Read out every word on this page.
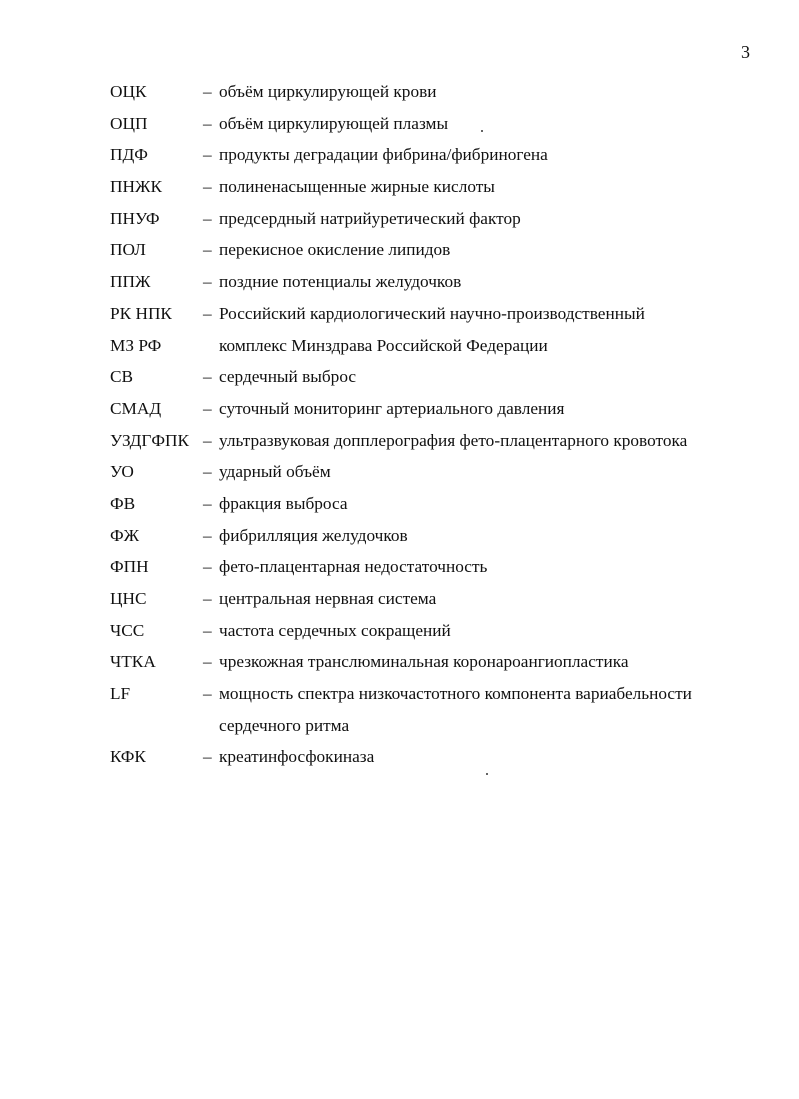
3
ОЦК	– объём циркулирующей крови
ОЦП	– объём циркулирующей плазмы
ПДФ	– продукты деградации фибрина/фибриногена
ПНЖК	– полиненасыщенные жирные кислоты
ПНУФ	– предсердный натрийуретический фактор
ПОЛ	– перекисное окисление липидов
ППЖ	– поздние потенциалы желудочков
РК НПК	– Российский кардиологический научно-производственный
МЗ РФ	комплекс Минздрава Российской Федерации
СВ	– сердечный выброс
СМАД	– суточный мониторинг артериального давления
УЗДГФПК – ультразвуковая допплерография фето-плацентарного кровотока
УО	– ударный объём
ФВ	– фракция выброса
ФЖ	– фибрилляция желудочков
ФПН	– фето-плацентарная недостаточность
ЦНС	– центральная нервная система
ЧСС	– частота сердечных сокращений
ЧТКА	– чрезкожная транслюминальная коронароангиопластика
LF	– мощность спектра низкочастотного компонента вариабельности
сердечного ритма
КФК	– креатинфосфокиназа
